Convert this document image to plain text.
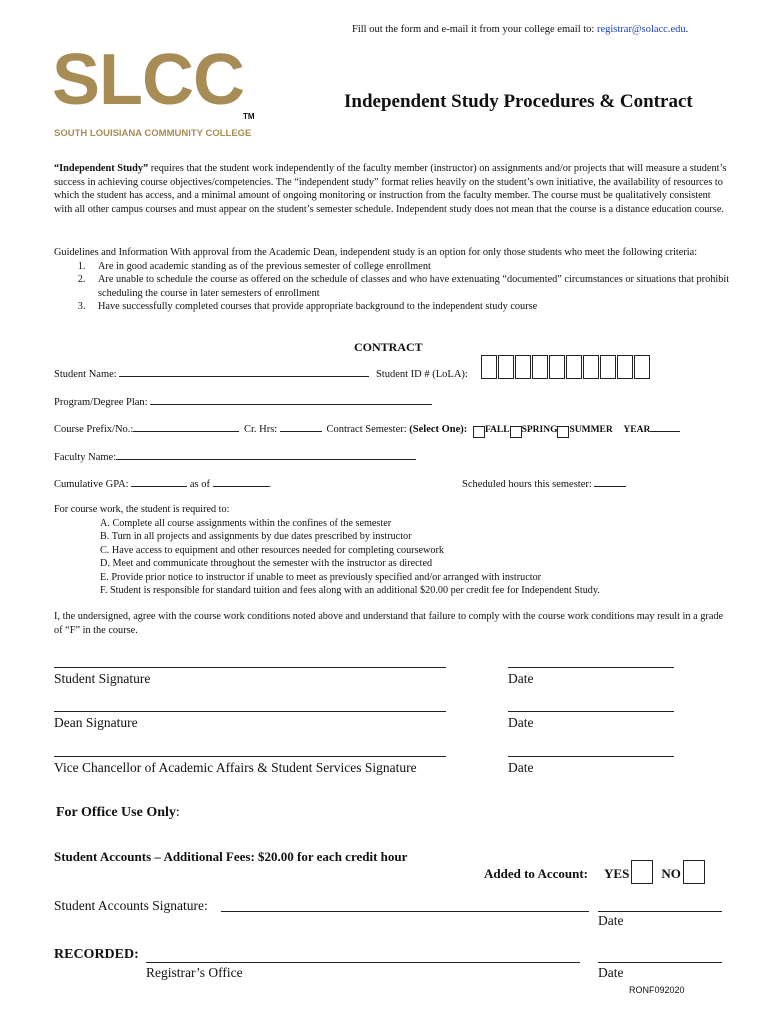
Fill out the form and e-mail it from your college email to: registrar@solacc.edu.
SLCC TM
SOUTH LOUISIANA COMMUNITY COLLEGE
Independent Study Procedures & Contract
“Independent Study” requires that the student work independently of the faculty member (instructor) on assignments and/or projects that will measure a student’s success in achieving course objectives/competencies. The “independent study” format relies heavily on the student’s own initiative, the availability of resources to which the student has access, and a minimal amount of ongoing monitoring or instruction from the faculty member. The course must be qualitatively consistent with all other campus courses and must appear on the student’s semester schedule. Independent study does not mean that the course is a distance education course.
Guidelines and Information With approval from the Academic Dean, independent study is an option for only those students who meet the following criteria:
1. Are in good academic standing as of the previous semester of college enrollment
2. Are unable to schedule the course as offered on the schedule of classes and who have extenuating “documented” circumstances or situations that prohibit scheduling the course in later semesters of enrollment
3. Have successfully completed courses that provide appropriate background to the independent study course
CONTRACT
Student Name:	Student ID # (LoLA):
Program/Degree Plan:
Course Prefix/No.:	Cr. Hrs:	Contract Semester: (Select One): FALL SPRING SUMMER YEAR
Faculty Name:
Cumulative GPA:	as of	.	Scheduled hours this semester:
For course work, the student is required to:
A. Complete all course assignments within the confines of the semester
B. Turn in all projects and assignments by due dates prescribed by instructor
C. Have access to equipment and other resources needed for completing coursework
D. Meet and communicate throughout the semester with the instructor as directed
E. Provide prior notice to instructor if unable to meet as previously specified and/or arranged with instructor
F. Student is responsible for standard tuition and fees along with an additional $20.00 per credit fee for Independent Study.
I, the undersigned, agree with the course work conditions noted above and understand that failure to comply with the course work conditions may result in a grade of “F” in the course.
Student Signature	Date
Dean Signature	Date
Vice Chancellor of Academic Affairs & Student Services Signature	Date
For Office Use Only:
Student Accounts – Additional Fees: $20.00 for each credit hour
Added to Account: YES NO
Student Accounts Signature:
Date
RECORDED:
Registrar’s Office	Date
RONF092020
